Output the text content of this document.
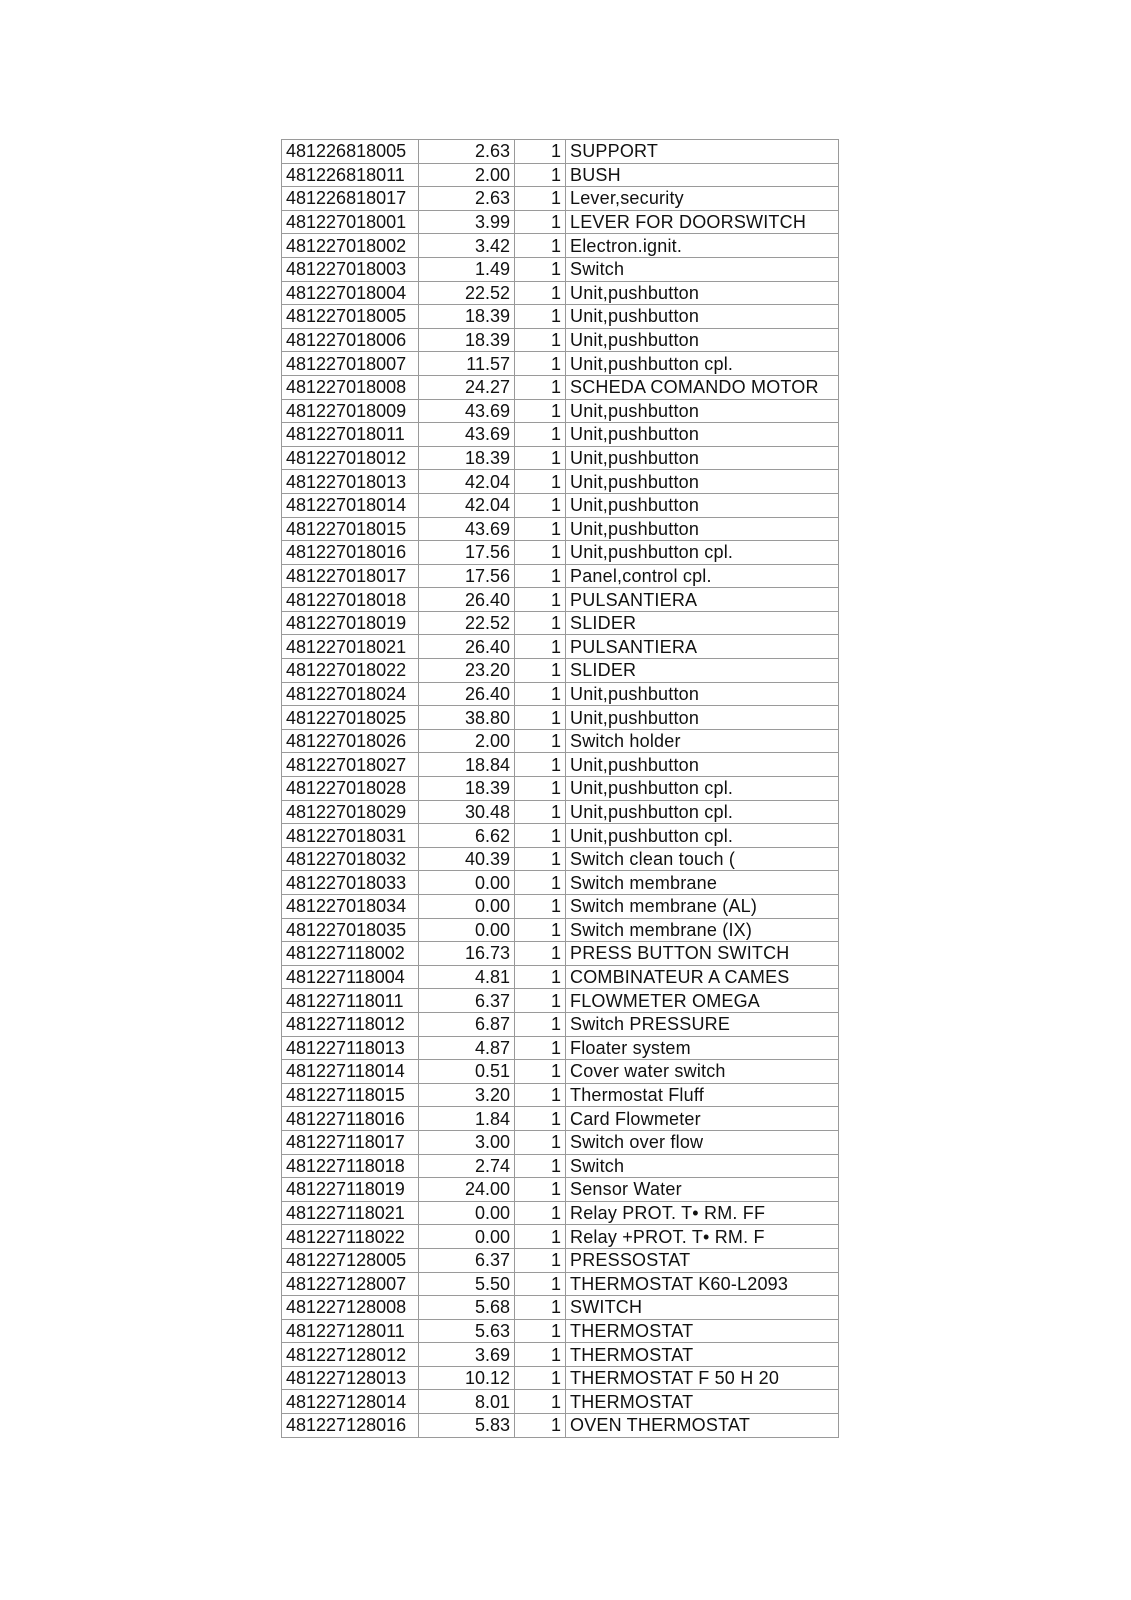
481226818005	2.63	1	SUPPORT
481226818011	2.00	1	BUSH
481226818017	2.63	1	Lever,security
481227018001	3.99	1	LEVER FOR DOORSWITCH
481227018002	3.42	1	Electron.ignit.
481227018003	1.49	1	Switch
481227018004	22.52	1	Unit,pushbutton
481227018005	18.39	1	Unit,pushbutton
481227018006	18.39	1	Unit,pushbutton
481227018007	11.57	1	Unit,pushbutton cpl.
481227018008	24.27	1	SCHEDA COMANDO MOTOR
481227018009	43.69	1	Unit,pushbutton
481227018011	43.69	1	Unit,pushbutton
481227018012	18.39	1	Unit,pushbutton
481227018013	42.04	1	Unit,pushbutton
481227018014	42.04	1	Unit,pushbutton
481227018015	43.69	1	Unit,pushbutton
481227018016	17.56	1	Unit,pushbutton cpl.
481227018017	17.56	1	Panel,control cpl.
481227018018	26.40	1	PULSANTIERA
481227018019	22.52	1	SLIDER
481227018021	26.40	1	PULSANTIERA
481227018022	23.20	1	SLIDER
481227018024	26.40	1	Unit,pushbutton
481227018025	38.80	1	Unit,pushbutton
481227018026	2.00	1	Switch holder
481227018027	18.84	1	Unit,pushbutton
481227018028	18.39	1	Unit,pushbutton cpl.
481227018029	30.48	1	Unit,pushbutton cpl.
481227018031	6.62	1	Unit,pushbutton cpl.
481227018032	40.39	1	Switch clean touch (
481227018033	0.00	1	Switch membrane
481227018034	0.00	1	Switch membrane (AL)
481227018035	0.00	1	Switch membrane (IX)
481227118002	16.73	1	PRESS BUTTON SWITCH
481227118004	4.81	1	COMBINATEUR A CAMES
481227118011	6.37	1	FLOWMETER OMEGA
481227118012	6.87	1	Switch PRESSURE
481227118013	4.87	1	Floater system
481227118014	0.51	1	Cover water switch
481227118015	3.20	1	Thermostat Fluff
481227118016	1.84	1	Card Flowmeter
481227118017	3.00	1	Switch over flow
481227118018	2.74	1	Switch
481227118019	24.00	1	Sensor Water
481227118021	0.00	1	Relay PROT. T• RM. FF
481227118022	0.00	1	Relay +PROT. T• RM. F
481227128005	6.37	1	PRESSOSTAT
481227128007	5.50	1	THERMOSTAT K60-L2093
481227128008	5.68	1	SWITCH
481227128011	5.63	1	THERMOSTAT
481227128012	3.69	1	THERMOSTAT
481227128013	10.12	1	THERMOSTAT F 50 H 20
481227128014	8.01	1	THERMOSTAT
481227128016	5.83	1	OVEN THERMOSTAT
